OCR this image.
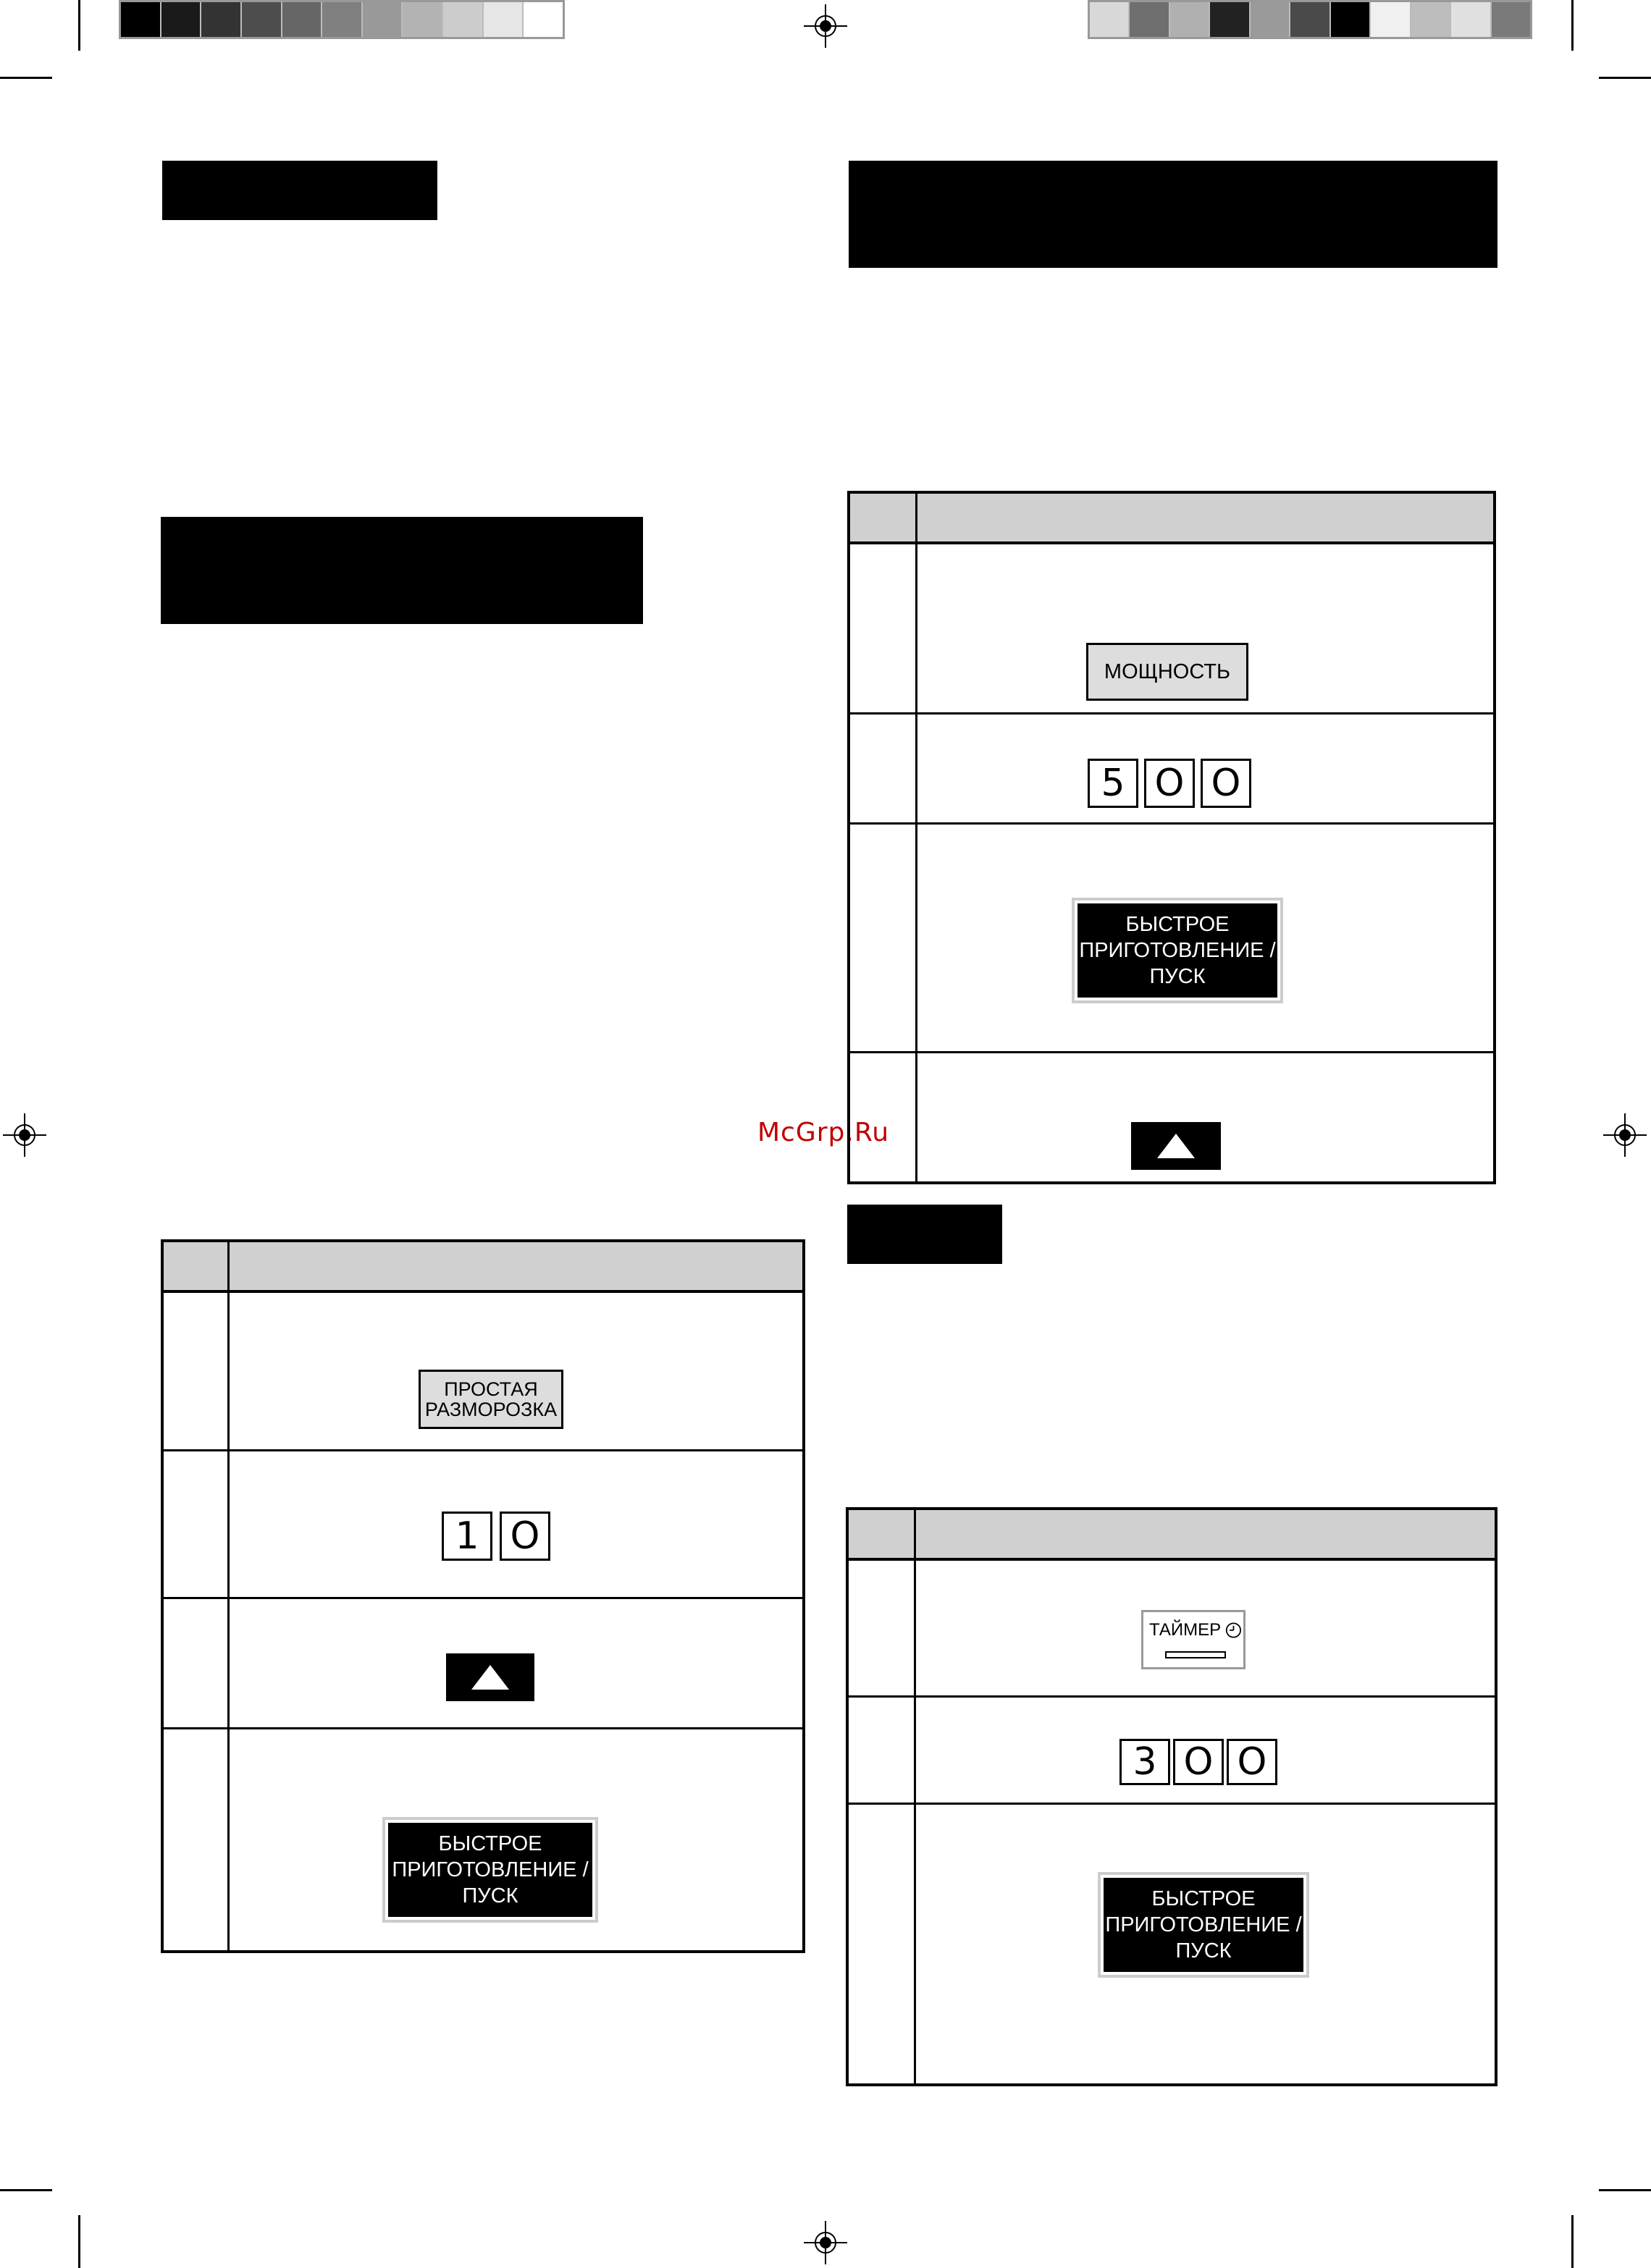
McGrp.Ru
ПРОСТАЯ
РАЗМОРОЗКА
1 O
БЫСТРОЕ
ПРИГОТОВЛЕНИЕ /
ПУСК
МОЩНОСТЬ
5 O O
БЫСТРОЕ
ПРИГОТОВЛЕНИЕ /
ПУСК
ТАЙМЕР
3 O O
БЫСТРОЕ
ПРИГОТОВЛЕНИЕ /
ПУСК
